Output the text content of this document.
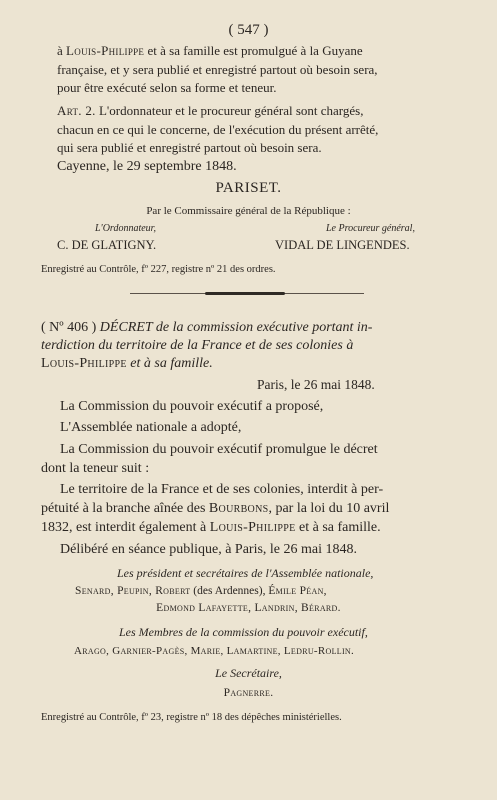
( 547 )
à Louis-Philippe et à sa famille est promulgué à la Guyane
française, et y sera publié et enregistré partout où besoin sera,
pour être exécuté selon sa forme et teneur.
Art. 2. L'ordonnateur et le procureur général sont chargés,
chacun en ce qui le concerne, de l'exécution du présent arrêté,
qui sera publié et enregistré partout où besoin sera.
Cayenne, le 29 septembre 1848.
PARISET.
Par le Commissaire général de la République :
L'Ordonnateur,	Le Procureur général,
C. DE GLATIGNY.	VIDAL DE LINGENDES.
Enregistré au Contrôle, fº 227, registre nº 21 des ordres.
( Nº 406 ) DÉCRET de la commission exécutive portant in-
terdiction du territoire de la France et de ses colonies à
Louis-Philippe et à sa famille.
Paris, le 26 mai 1848.
La Commission du pouvoir exécutif a proposé,
L'Assemblée nationale a adopté,
La Commission du pouvoir exécutif promulgue le décret
dont la teneur suit :
Le territoire de la France et de ses colonies, interdit à per-
pétuité à la branche aînée des Bourbons, par la loi du 10 avril
1832, est interdit également à Louis-Philippe et à sa famille.
Délibéré en séance publique, à Paris, le 26 mai 1848.
Les président et secrétaires de l'Assemblée nationale,
Senard, Peupin, Robert (des Ardennes), Émile Péan,
Edmond Lafayette, Landrin, Bérard.
Les Membres de la commission du pouvoir exécutif,
Arago, Garnier-Pagès, Marie, Lamartine, Ledru-Rollin.
Le Secrétaire,
Pagnerre.
Enregistré au Contrôle, fº 23, registre nº 18 des dépêches ministérielles.
